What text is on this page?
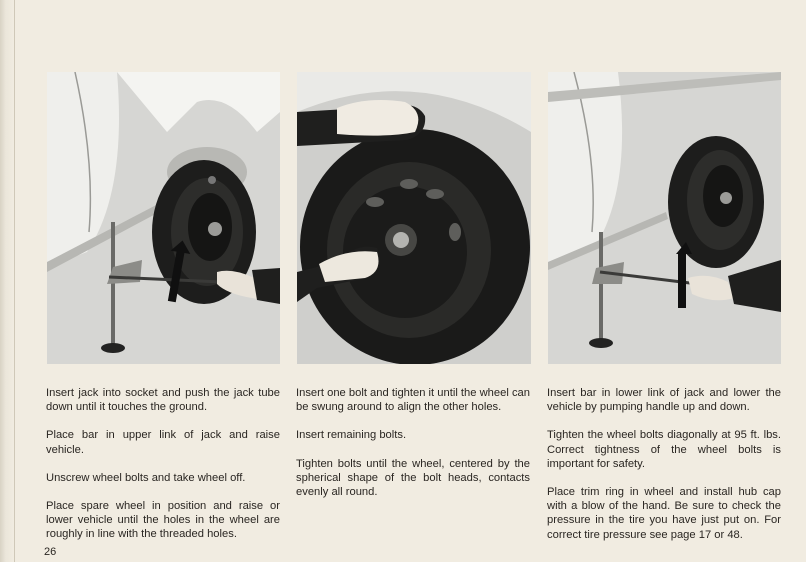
Insert jack into socket and push the jack tube down until it touches the ground.

Place bar in upper link of jack and raise vehicle.

Unscrew wheel bolts and take wheel off.

Place spare wheel in position and raise or lower vehicle until the holes in the wheel are roughly in line with the threaded holes.

Insert one bolt and tighten it until the wheel can be swung around to align the other holes.

Insert remaining bolts.

Tighten bolts until the wheel, centered by the spherical shape of the bolt heads, contacts evenly all round.

Insert bar in lower link of jack and lower the vehicle by pumping handle up and down.

Tighten the wheel bolts diagonally at 95 ft. lbs. Correct tightness of the wheel bolts is important for safety.

Place trim ring in wheel and install hub cap with a blow of the hand. Be sure to check the pressure in the tire you have just put on. For correct tire pressure see page 17 or 48.

26
